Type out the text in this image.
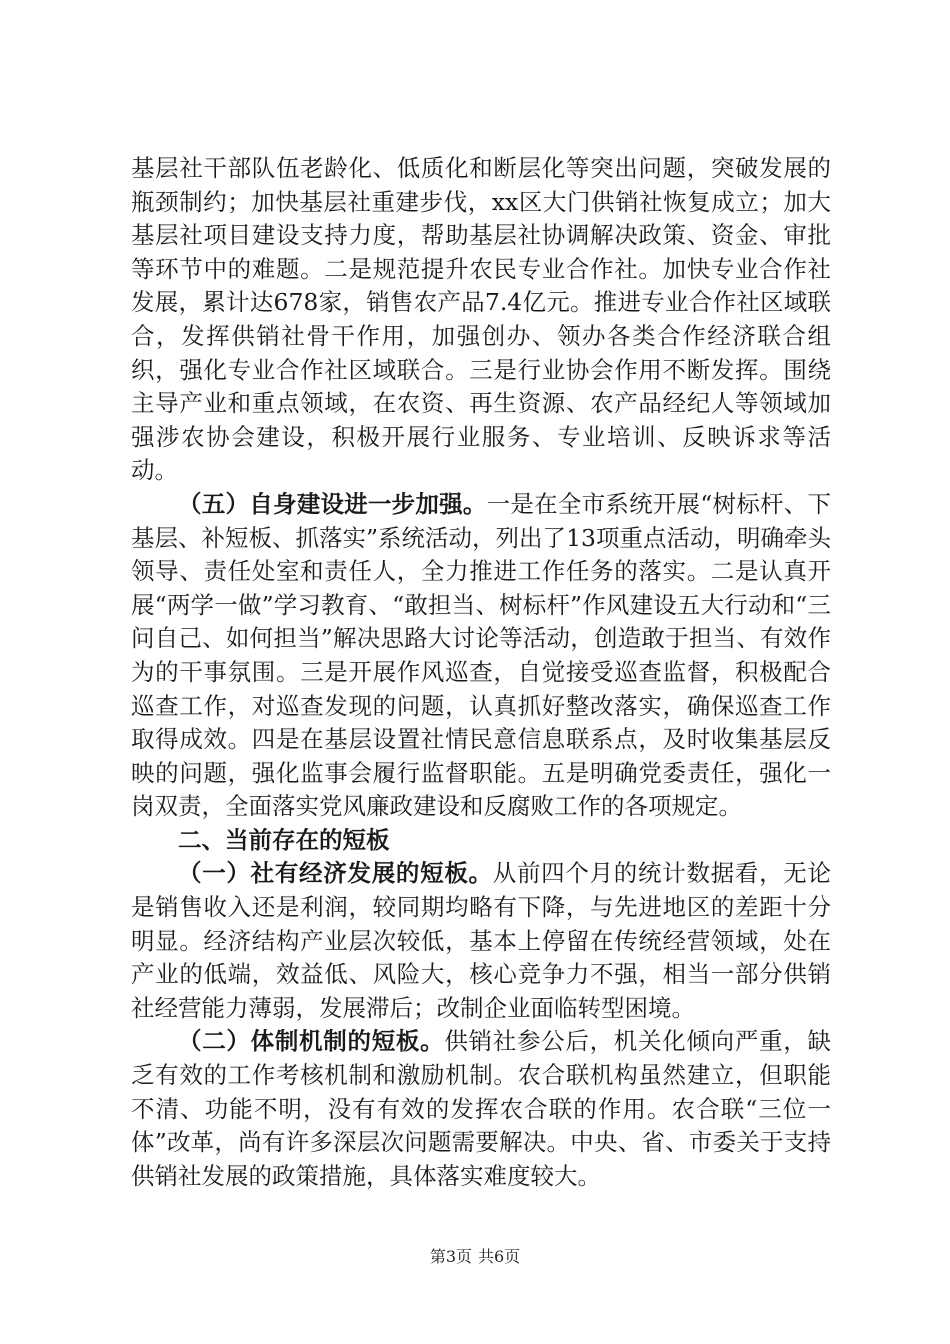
基层社干部队伍老龄化、低质化和断层化等突出问题，突破发展的瓶颈制约；加快基层社重建步伐，xx区大门供销社恢复成立；加大基层社项目建设支持力度，帮助基层社协调解决政策、资金、审批等环节中的难题。二是规范提升农民专业合作社。加快专业合作社发展，累计达678家，销售农产品7.4亿元。推进专业合作社区域联合，发挥供销社骨干作用，加强创办、领办各类合作经济联合组织，强化专业合作社区域联合。三是行业协会作用不断发挥。围绕主导产业和重点领域，在农资、再生资源、农产品经纪人等领域加强涉农协会建设，积极开展行业服务、专业培训、反映诉求等活动。

（五）自身建设进一步加强。一是在全市系统开展“树标杆、下基层、补短板、抓落实”系统活动，列出了13项重点活动，明确牵头领导、责任处室和责任人，全力推进工作任务的落实。二是认真开展“两学一做”学习教育、“敢担当、树标杆”作风建设五大行动和“三问自己、如何担当”解决思路大讨论等活动，创造敢于担当、有效作为的干事氛围。三是开展作风巡查，自觉接受巡查监督，积极配合巡查工作，对巡查发现的问题，认真抓好整改落实，确保巡查工作取得成效。四是在基层设置社情民意信息联系点，及时收集基层反映的问题，强化监事会履行监督职能。五是明确党委责任，强化一岗双责，全面落实党风廉政建设和反腐败工作的各项规定。

二、当前存在的短板

（一）社有经济发展的短板。从前四个月的统计数据看，无论是销售收入还是利润，较同期均略有下降，与先进地区的差距十分明显。经济结构产业层次较低，基本上停留在传统经营领域，处在产业的低端，效益低、风险大，核心竞争力不强，相当一部分供销社经营能力薄弱，发展滞后；改制企业面临转型困境。

（二）体制机制的短板。供销社参公后，机关化倾向严重，缺乏有效的工作考核机制和激励机制。农合联机构虽然建立，但职能不清、功能不明，没有有效的发挥农合联的作用。农合联“三位一体”改革，尚有许多深层次问题需要解决。中央、省、市委关于支持供销社发展的政策措施，具体落实难度较大。

第3页 共6页
